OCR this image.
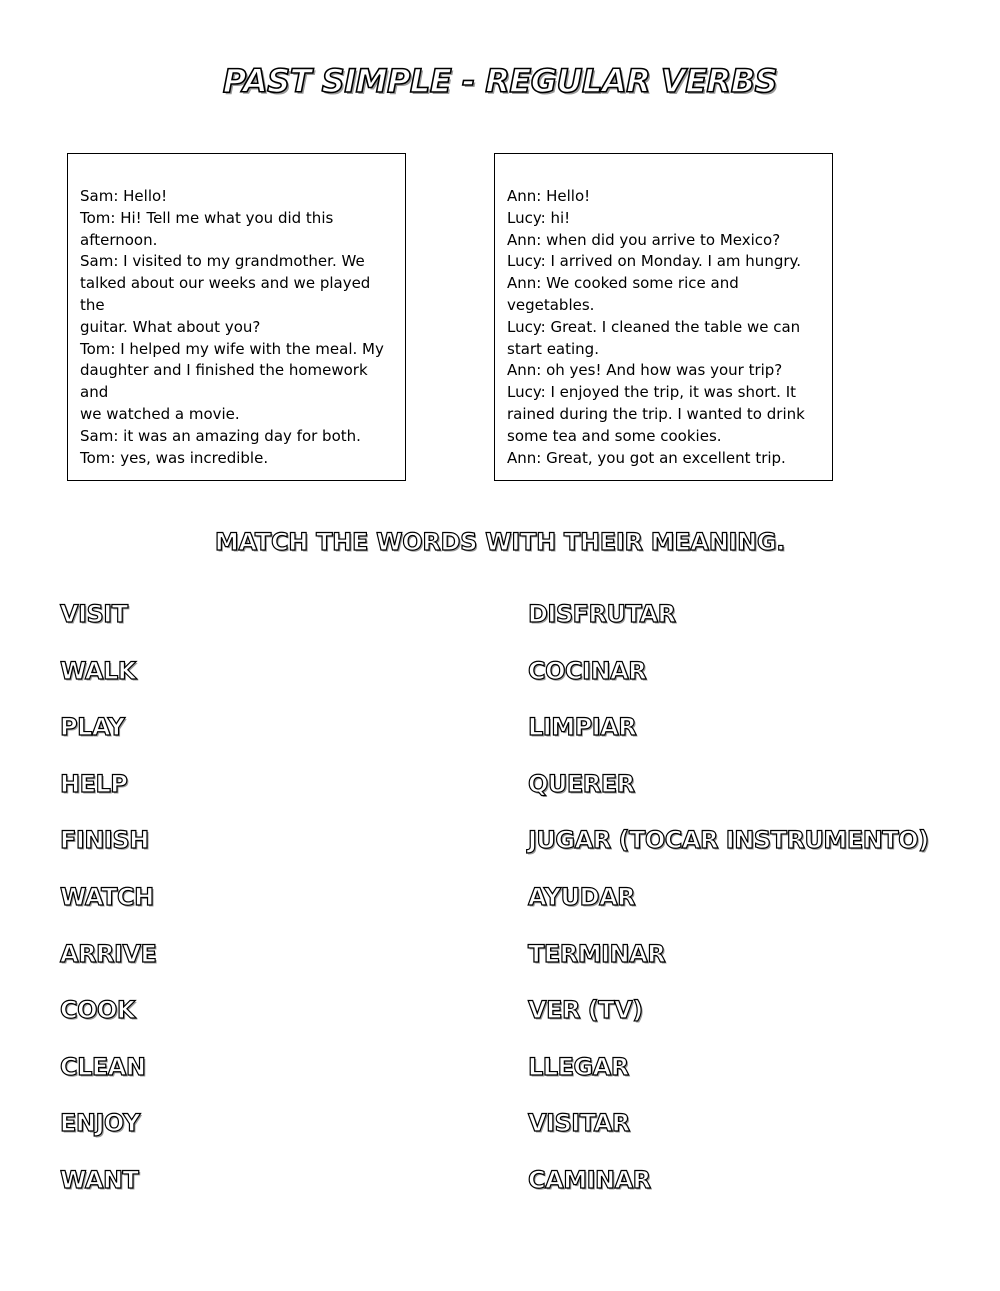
PAST SIMPLE - REGULAR VERBS
Sam: Hello!
Tom: Hi! Tell me what you did this
afternoon.
Sam: I visited to my grandmother. We
talked about our weeks and we played the
guitar. What about you?
Tom: I helped my wife with the meal. My
daughter and I finished the homework and
we watched a movie.
Sam: it was an amazing day for both.
Tom: yes, was incredible.
Ann: Hello!
Lucy: hi!
Ann: when did you arrive to Mexico?
Lucy: I arrived on Monday. I am hungry.
Ann: We cooked some rice and vegetables.
Lucy: Great. I cleaned the table we can
start eating.
Ann: oh yes! And how was your trip?
Lucy: I enjoyed the trip, it was short. It
rained during the trip. I wanted to drink
some tea and some cookies.
Ann: Great, you got an excellent trip.
MATCH THE WORDS WITH THEIR MEANING.
VISIT
WALK
PLAY
HELP
FINISH
WATCH
ARRIVE
COOK
CLEAN
ENJOY
WANT
DISFRUTAR
COCINAR
LIMPIAR
QUERER
JUGAR (TOCAR INSTRUMENTO)
AYUDAR
TERMINAR
VER (TV)
LLEGAR
VISITAR
CAMINAR
